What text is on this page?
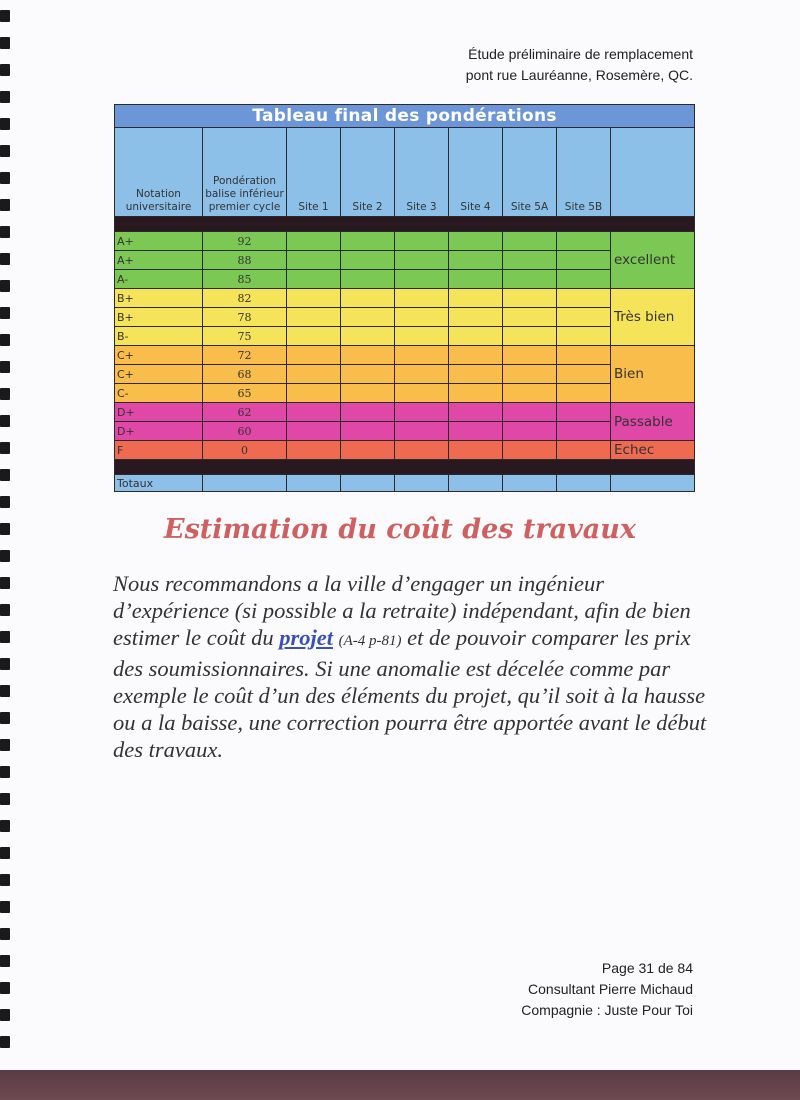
Étude préliminaire de remplacement
pont rue Lauréanne, Rosemère, QC.
Tableau final des pondérations								
Notation universitaire	Pondération balise inférieur premier cycle	Site 1	Site 2	Site 3	Site 4	Site 5A	Site 5B	

A+	92							excellent
A+	88							
A-	85							
B+	82							Très bien
B+	78							
B-	75							
C+	72							Bien
C+	68							
C-	65							
D+	62							Passable
D+	60							
F	0							Echec

Totaux								
Estimation du coût des travaux
Nous recommandons a la ville d’engager un ingénieur d’expérience (si possible a la retraite) indépendant, afin de bien estimer le coût du projet (A-4 p-81) et de pouvoir comparer les prix des soumissionnaires. Si une anomalie est décelée comme par exemple le coût d’un des éléments du projet, qu’il soit à la hausse ou a la baisse, une correction pourra être apportée avant le début des travaux.
Page 31 de 84
Consultant Pierre Michaud
Compagnie : Juste Pour Toi
